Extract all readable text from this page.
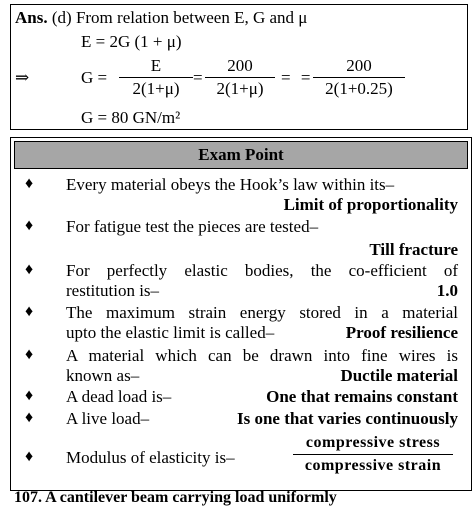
Ans. (d) From relation between E, G and μ
E = 2G (1 + μ)
⇒	G =
E
2(1+μ)
=
200
2(1+μ)
= =
200
2(1+0.25)
G = 80 GN/m²
Exam Point
♦ Every material obeys the Hook’s law within its–
Limit of proportionality
♦ For fatigue test the pieces are tested–
Till fracture
♦ For perfectly elastic bodies, the co-efficient of
restitution is–	1.0
♦ The maximum strain energy stored in a material
upto the elastic limit is called–	Proof resilience
♦ A material which can be drawn into fine wires is
known as–	Ductile material
♦ A dead load is–	One that remains constant
♦ A live load–	Is one that varies continuously
♦ Modulus of elasticity is–
compressive stress
compressive strain
107. A cantilever beam carrying load uniformly
